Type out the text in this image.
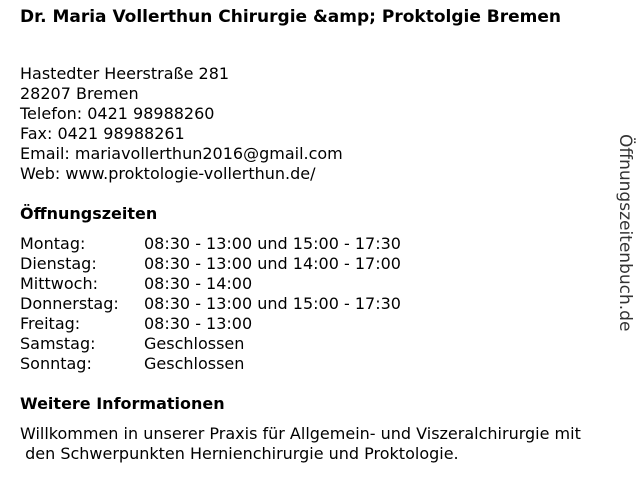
Dr. Maria Vollerthun Chirurgie &amp; Proktolgie Bremen
Hastedter Heerstraße 281
28207 Bremen
Telefon: 0421 98988260
Fax: 0421 98988261
Email: mariavollerthun2016@gmail.com
Web: www.proktologie-vollerthun.de/
Öffnungszeiten
Montag:	08:30 - 13:00 und 15:00 - 17:30
Dienstag:	08:30 - 13:00 und 14:00 - 17:00
Mittwoch:	08:30 - 14:00
Donnerstag:	08:30 - 13:00 und 15:00 - 17:30
Freitag:	08:30 - 13:00
Samstag:	Geschlossen
Sonntag:	Geschlossen
Weitere Informationen

Willkommen in unserer Praxis für Allgemein- und Viszeralchirurgie mit
den Schwerpunkten Hernienchirurgie und Proktologie.

Öffnungszeitenbuch.de
